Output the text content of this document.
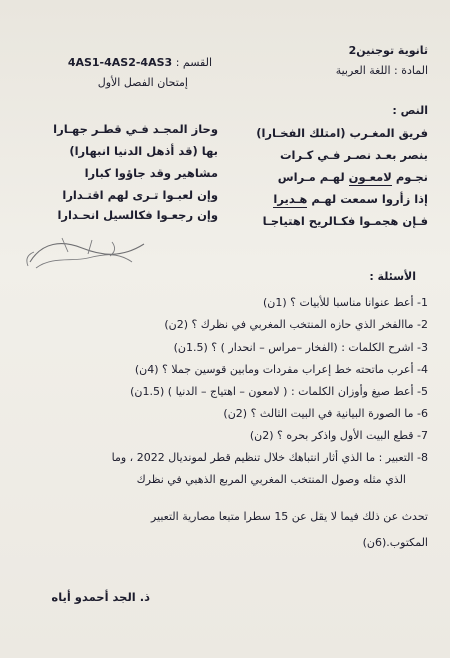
ثانوية توجنين2
المادة : اللغة العربية
القسم : 4AS1-4AS2-4AS3
إمتحان الفصل الأول
النص :
فريق المغـرب (امتلك الفخـارا)
بنصر بعـد نصـر فـي كـرات
نجـوم لامعـون لهـم مـراس
إذا زأروا سمعت لهـم هـديرا
فـإن هجمـوا فكـالريح اهتياجـا
وحاز المجـد فـي قطـر جهـارا
بها (قد أذهل الدنيا انبهارا)
مشاهير وقد جاؤوا كبارا
وإن لعبـوا تـرى لهم اقتـدارا
وإن رجعـوا فكالسيل انحـدارا
الأسئلة :
1- أعط عنوانا مناسبا للأبيات ؟ (1ن)
2- ماالفخر الذي حازه المنتخب المغربي في نظرك ؟ (2ن)
3- اشرح الكلمات : (الفخار –مراس – انحدار ) ؟ (1.5ن)
4- أعرب ماتحته خط إعراب مفردات ومابين قوسين جملا ؟ (4ن)
5- أعط صيغ وأوزان الكلمات : ( لامعون – اهتياج – الدنيا ) (1.5ن)
6- ما الصورة البيانية في البيت الثالث ؟ (2ن)
7- قطع البيت الأول واذكر بحره ؟ (2ن)
8- التعبير : ما الذي أثار انتباهك خلال تنظيم قطر لمونديال 2022 ، وما
الذي مثله وصول المنتخب المغربي المربع الذهبي في نظرك
تحدث عن ذلك فيما لا يقل عن 15 سطرا متبعا مصارية التعبير
المكتوب.(6ن)
ذ. الجد أحمدو أياه
